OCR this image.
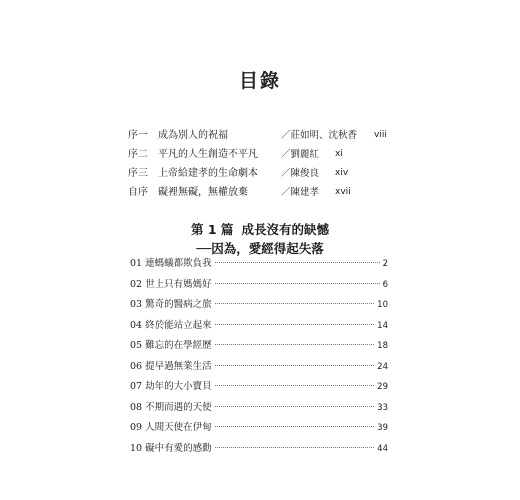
目錄
序一 成為別人的祝福	／莊如明、沈秋香 viii
序二 平凡的人生創造不平凡 ／劉麗紅 xi
序三 上帝給建孝的生命劇本 ／陳俊良 xiv
自序 礙裡無礙，無權放棄	／陳建孝 xvii
第 1 篇 成長沒有的缺憾
──因為，愛經得起失落
01 連螞蟻都欺負我	2
02 世上只有媽媽好	6
03 驚奇的醫病之旅	10
04 終於能站立起來	14
05 難忘的在學經歷	18
06 提早過無業生活	24
07 劫年的大小寶貝	29
08 不期而遇的天使	33
09 人間天使在伊甸	39
10 礙中有愛的感動	44
